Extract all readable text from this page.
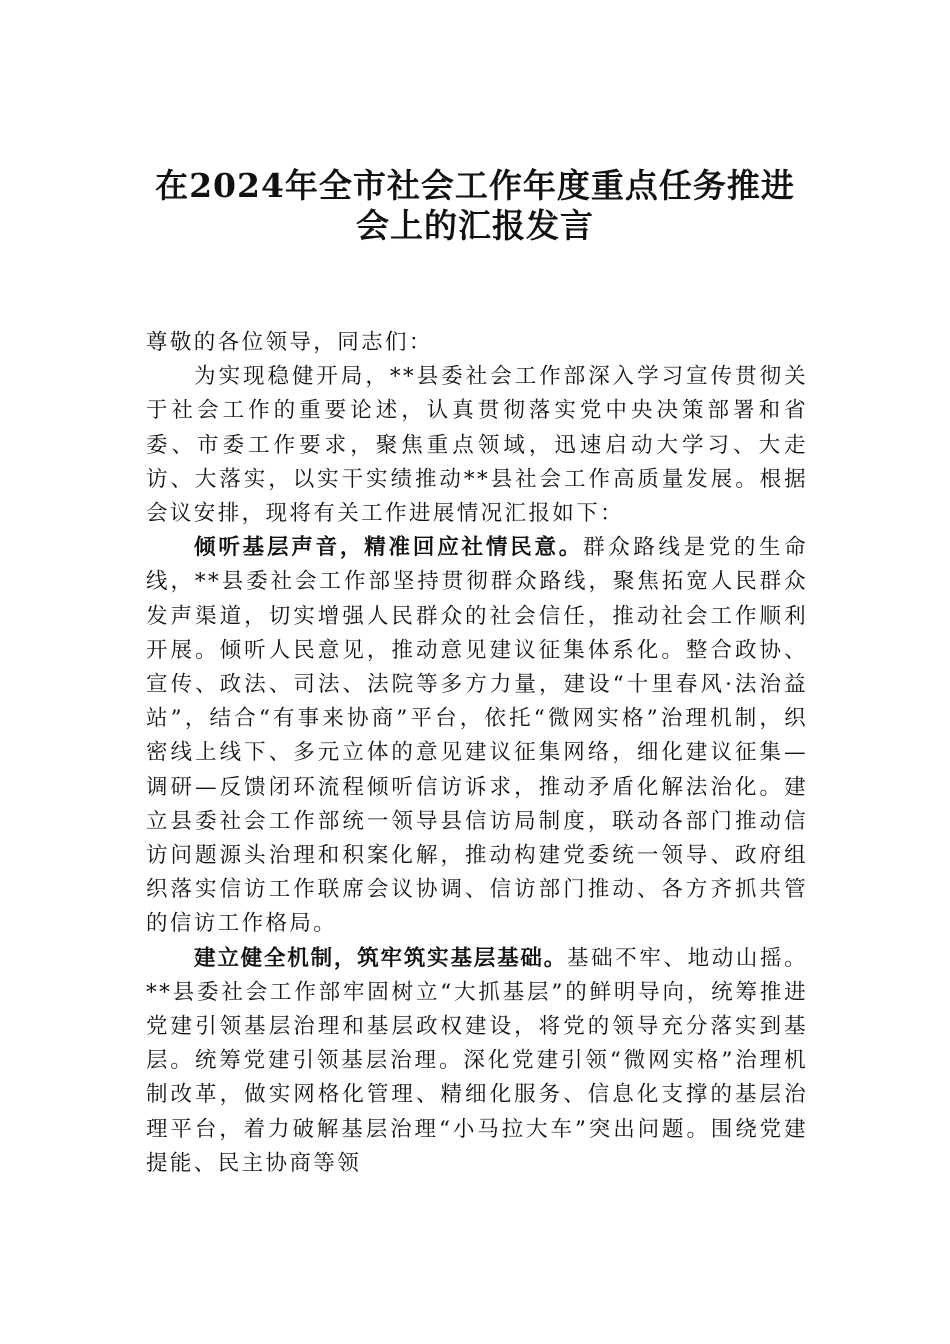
在2024年全市社会工作年度重点任务推进
会上的汇报发言

尊敬的各位领导，同志们：

为实现稳健开局，**县委社会工作部深入学习宣传贯彻关于社会工作的重要论述，认真贯彻落实党中央决策部署和省委、市委工作要求，聚焦重点领域，迅速启动大学习、大走访、大落实，以实干实绩推动**县社会工作高质量发展。根据会议安排，现将有关工作进展情况汇报如下：

倾听基层声音，精准回应社情民意。群众路线是党的生命线，**县委社会工作部坚持贯彻群众路线，聚焦拓宽人民群众发声渠道，切实增强人民群众的社会信任，推动社会工作顺利开展。倾听人民意见，推动意见建议征集体系化。整合政协、宣传、政法、司法、法院等多方力量，建设“十里春风·法治益站”，结合“有事来协商”平台，依托“微网实格”治理机制，织密线上线下、多元立体的意见建议征集网络，细化建议征集—调研—反馈闭环流程倾听信访诉求，推动矛盾化解法治化。建立县委社会工作部统一领导县信访局制度，联动各部门推动信访问题源头治理和积案化解，推动构建党委统一领导、政府组织落实信访工作联席会议协调、信访部门推动、各方齐抓共管的信访工作格局。

建立健全机制，筑牢筑实基层基础。基础不牢、地动山摇。**县委社会工作部牢固树立“大抓基层”的鲜明导向，统筹推进党建引领基层治理和基层政权建设，将党的领导充分落实到基层。统筹党建引领基层治理。深化党建引领“微网实格”治理机制改革，做实网格化管理、精细化服务、信息化支撑的基层治理平台，着力破解基层治理“小马拉大车”突出问题。围绕党建提能、民主协商等领
